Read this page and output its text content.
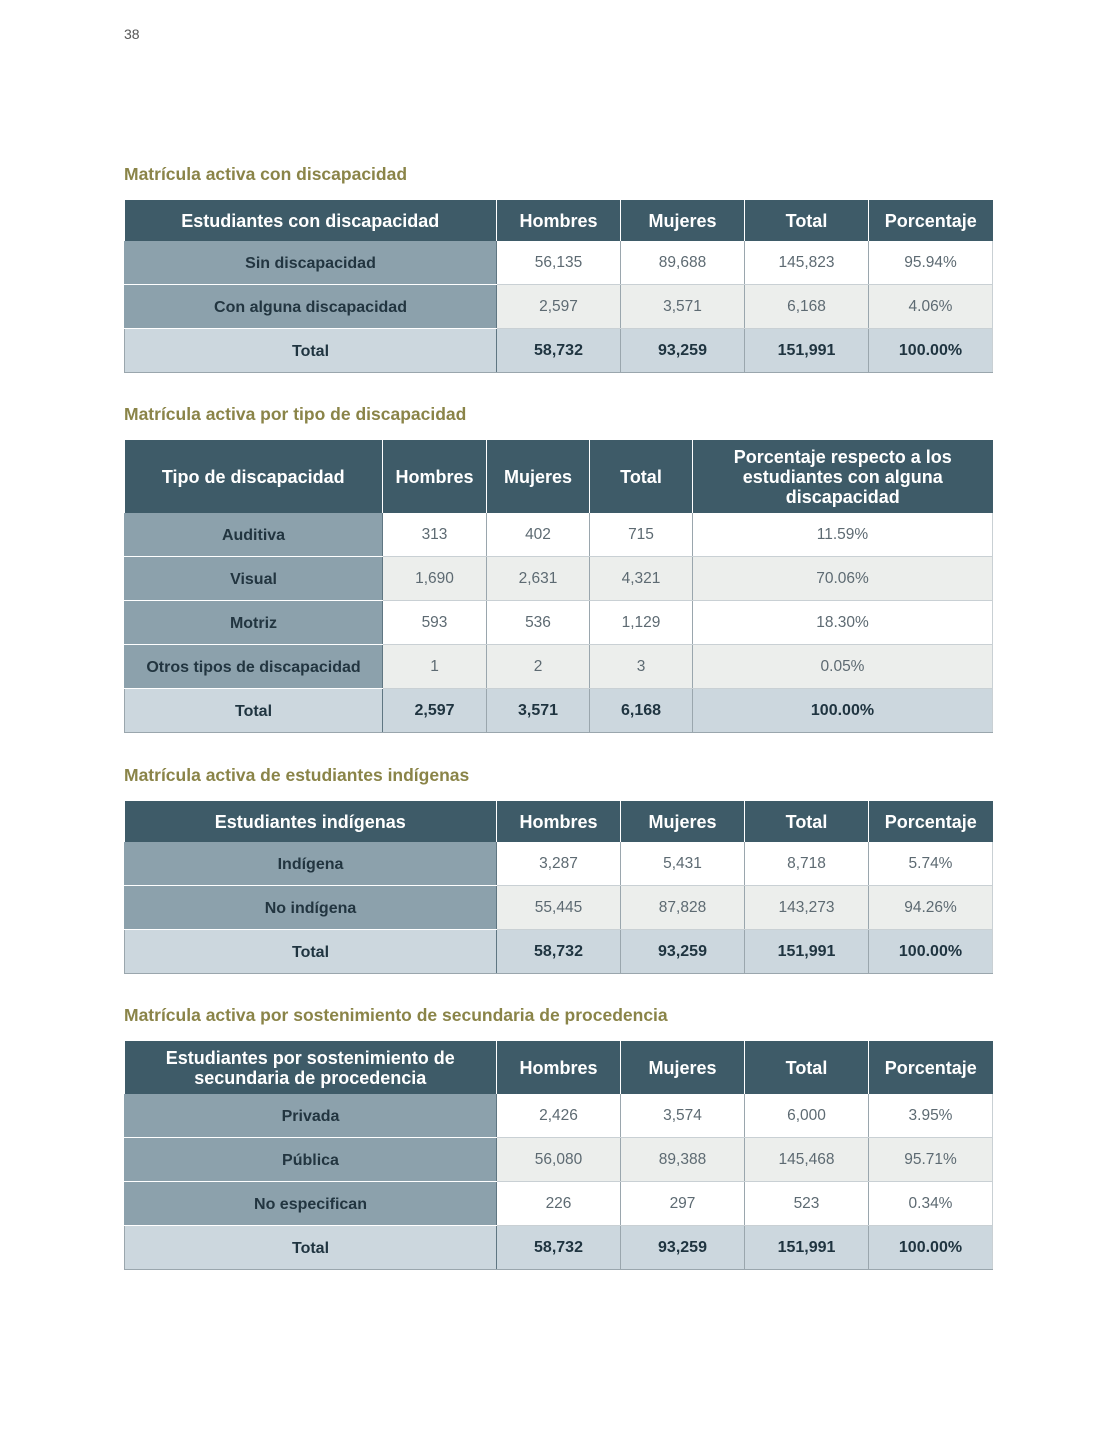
38
Matrícula activa con discapacidad
Estudiantes con discapacidad	Hombres	Mujeres	Total	Porcentaje
Sin discapacidad	56,135	89,688	145,823	95.94%
Con alguna discapacidad	2,597	3,571	6,168	4.06%
Total	58,732	93,259	151,991	100.00%
Matrícula activa por tipo de discapacidad
Tipo de discapacidad	Hombres	Mujeres	Total	Porcentaje respecto a los estudiantes con alguna discapacidad
Auditiva	313	402	715	11.59%
Visual	1,690	2,631	4,321	70.06%
Motriz	593	536	1,129	18.30%
Otros tipos de discapacidad	1	2	3	0.05%
Total	2,597	3,571	6,168	100.00%
Matrícula activa de estudiantes indígenas
Estudiantes indígenas	Hombres	Mujeres	Total	Porcentaje
Indígena	3,287	5,431	8,718	5.74%
No indígena	55,445	87,828	143,273	94.26%
Total	58,732	93,259	151,991	100.00%
Matrícula activa por sostenimiento de secundaria de procedencia
Estudiantes por sostenimiento de secundaria de procedencia	Hombres	Mujeres	Total	Porcentaje
Privada	2,426	3,574	6,000	3.95%
Pública	56,080	89,388	145,468	95.71%
No especifican	226	297	523	0.34%
Total	58,732	93,259	151,991	100.00%
